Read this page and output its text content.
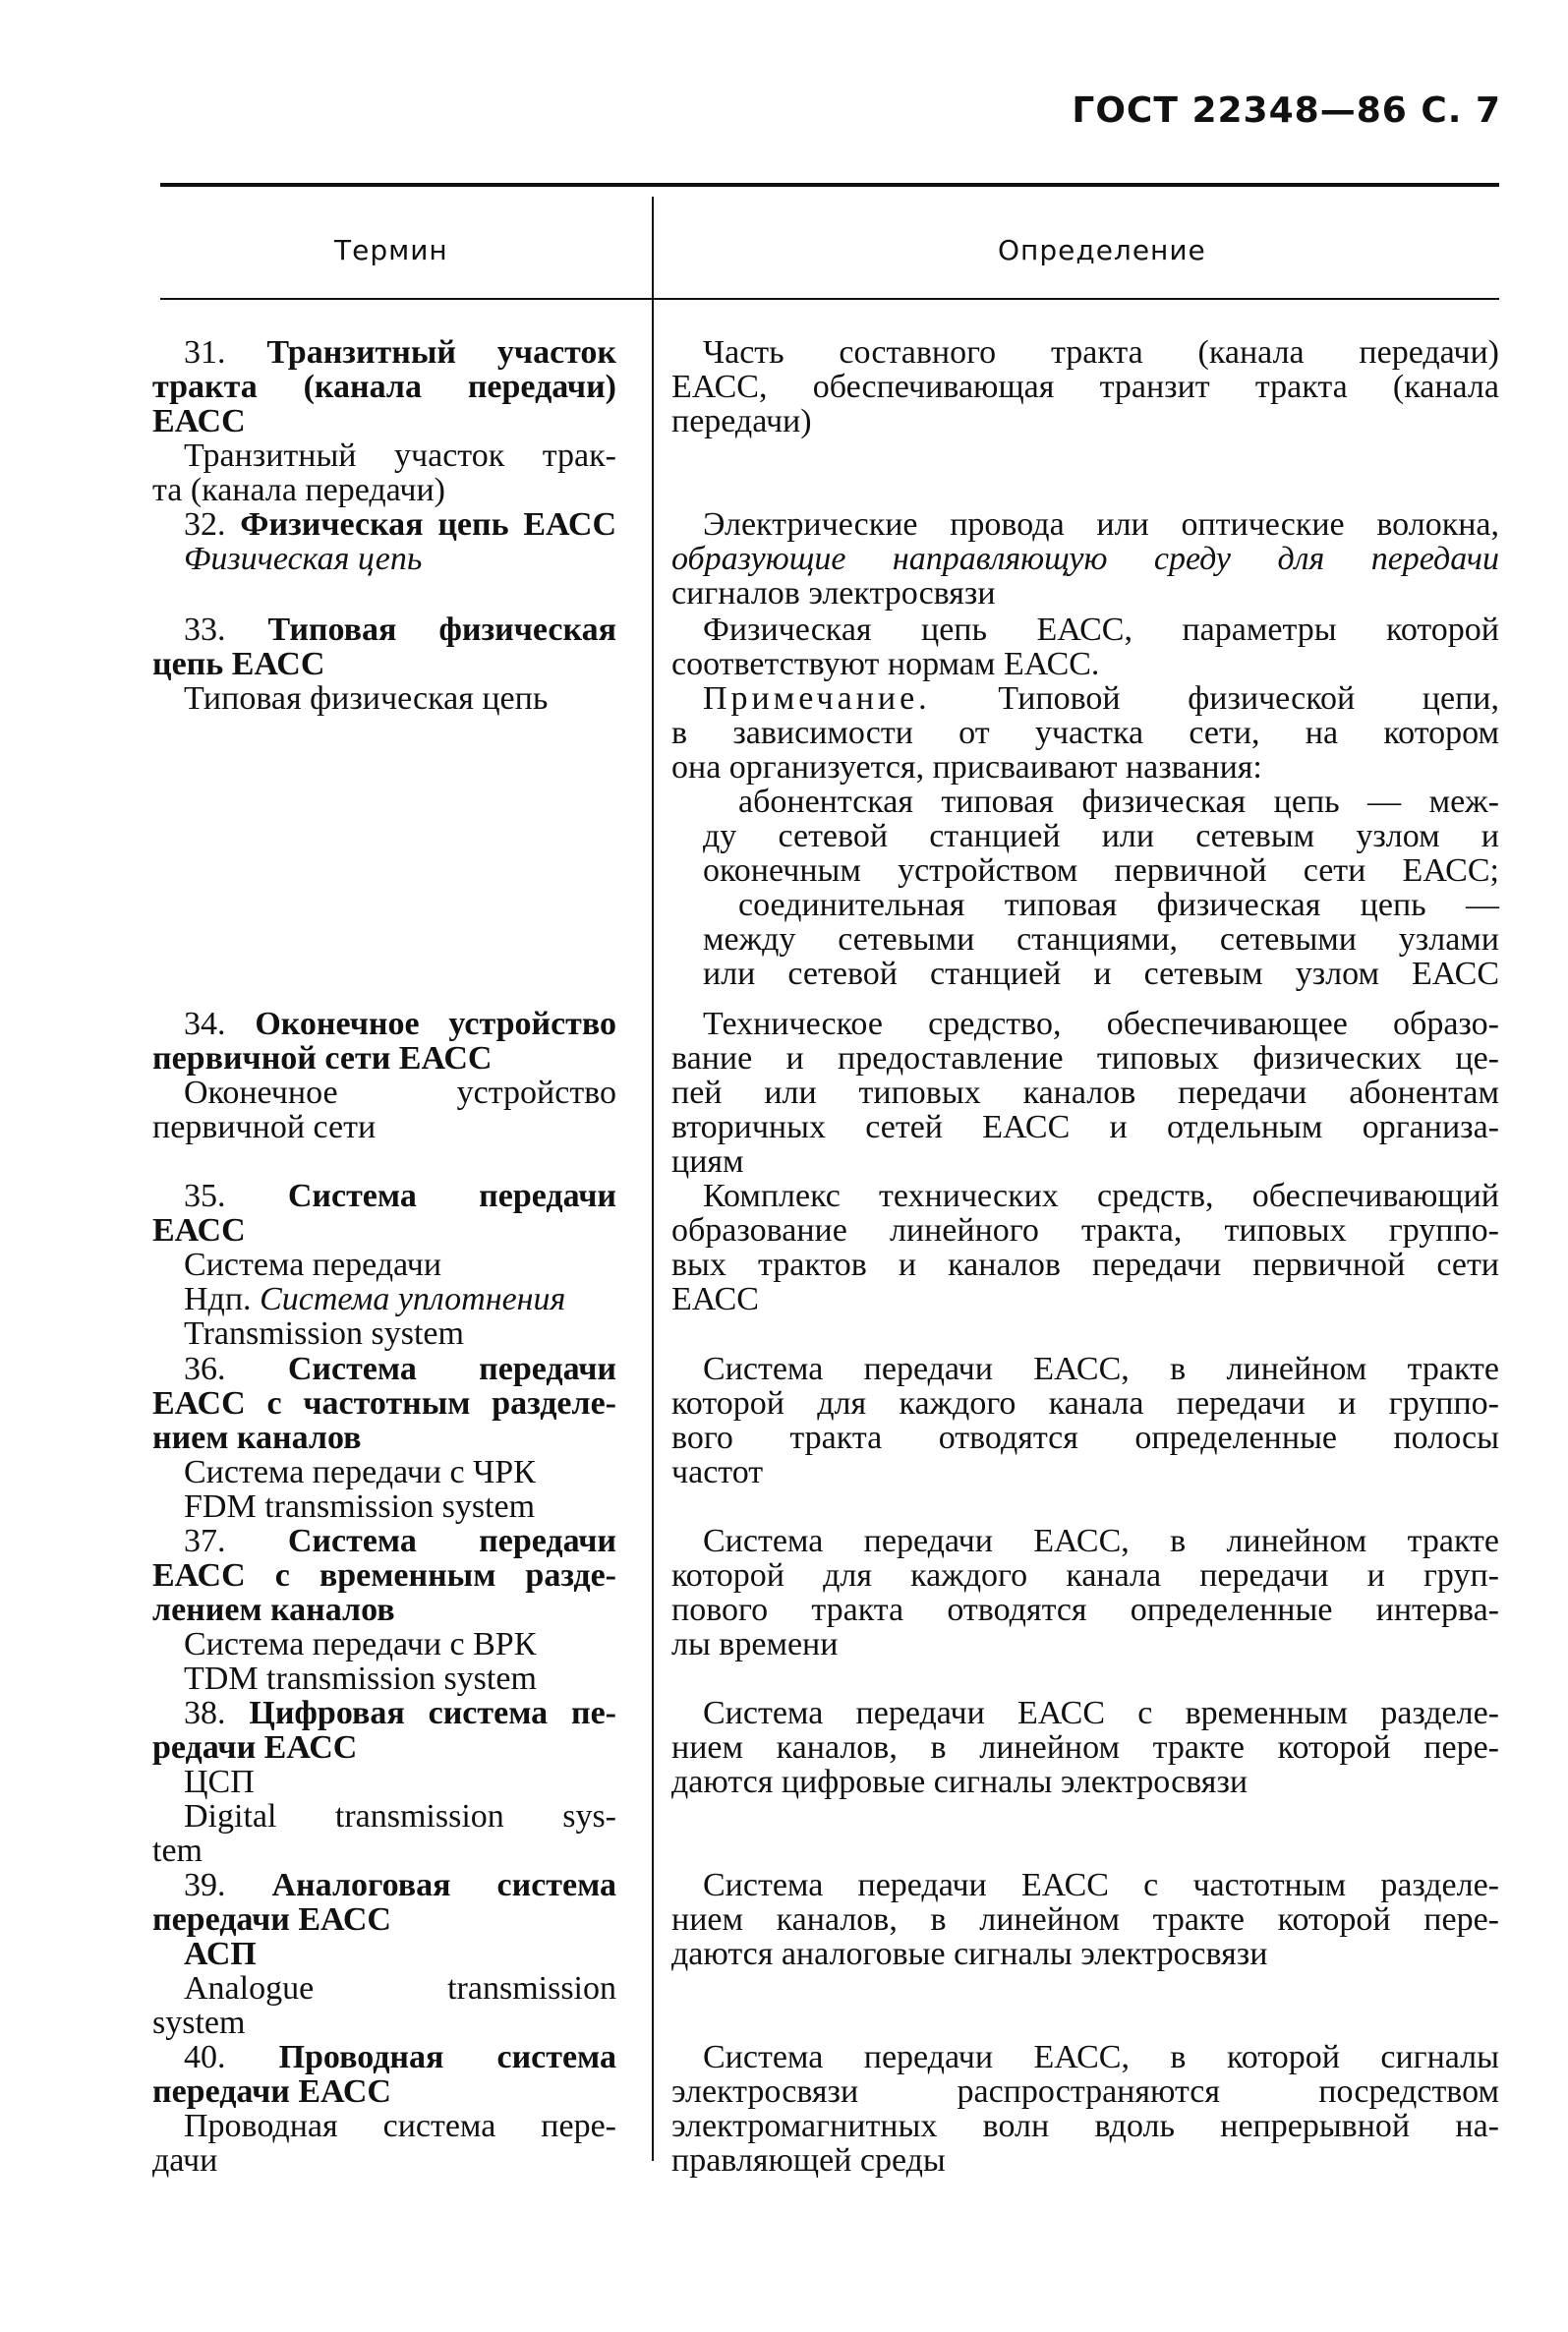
ГОСТ 22348—86 С. 7
Термин	Определение

31. Транзитный участок

тракта (канала передачи) ЕАСС

Транзитный участок трак-

та (канала передачи)

Часть составного тракта (канала передачи)

ЕАСС, обеспечивающая транзит тракта (канала

передачи)

32. Физическая цепь ЕАСС

Физическая цепь

Электрические провода или оптические волокна,

образующие направляющую среду для передачи

сигналов электросвязи

33. Типовая физическая

цепь ЕАСС

Типовая физическая цепь

Физическая цепь ЕАСС, параметры которой

соответствуют нормам ЕАСС.

Примечание. Типовой физической цепи,

в зависимости от участка сети, на котором

она организуется, присваивают названия:

абонентская типовая физическая цепь — меж-

ду сетевой станцией или сетевым узлом и

оконечным устройством первичной сети ЕАСС;

соединительная типовая физическая цепь —

между сетевыми станциями, сетевыми узлами

или сетевой станцией и сетевым узлом ЕАСС

34. Оконечное устройство

первичной сети ЕАСС

Оконечное устройство

первичной сети

Техническое средство, обеспечивающее образо-

вание и предоставление типовых физических це-

пей или типовых каналов передачи абонентам

вторичных сетей ЕАСС и отдельным организа-

циям

35. Система передачи

ЕАСС

Система передачи

Ндп. Система уплотнения

Transmission system

Комплекс технических средств, обеспечивающий

образование линейного тракта, типовых группо-

вых трактов и каналов передачи первичной сети

ЕАСС

36. Система передачи

ЕАСС с частотным разделе-

нием каналов

Система передачи с ЧРК

FDM transmission system

Система передачи ЕАСС, в линейном тракте

которой для каждого канала передачи и группо-

вого тракта отводятся определенные полосы

частот

37. Система передачи

ЕАСС с временным разде-

лением каналов

Система передачи с ВРК

TDM transmission system

Система передачи ЕАСС, в линейном тракте

которой для каждого канала передачи и груп-

пового тракта отводятся определенные интерва-

лы времени

38. Цифровая система пе-

редачи ЕАСС

ЦСП

Digital transmission sys-

tem

Система передачи ЕАСС с временным разделе-

нием каналов, в линейном тракте которой пере-

даются цифровые сигналы электросвязи

39. Аналоговая система

передачи ЕАСС

АСП

Analogue transmission

system

Система передачи ЕАСС с частотным разделе-

нием каналов, в линейном тракте которой пере-

даются аналоговые сигналы электросвязи

40. Проводная система

передачи ЕАСС

Проводная система пере-

дачи

Система передачи ЕАСС, в которой сигналы

электросвязи распространяются посредством

электромагнитных волн вдоль непрерывной на-

правляющей среды
